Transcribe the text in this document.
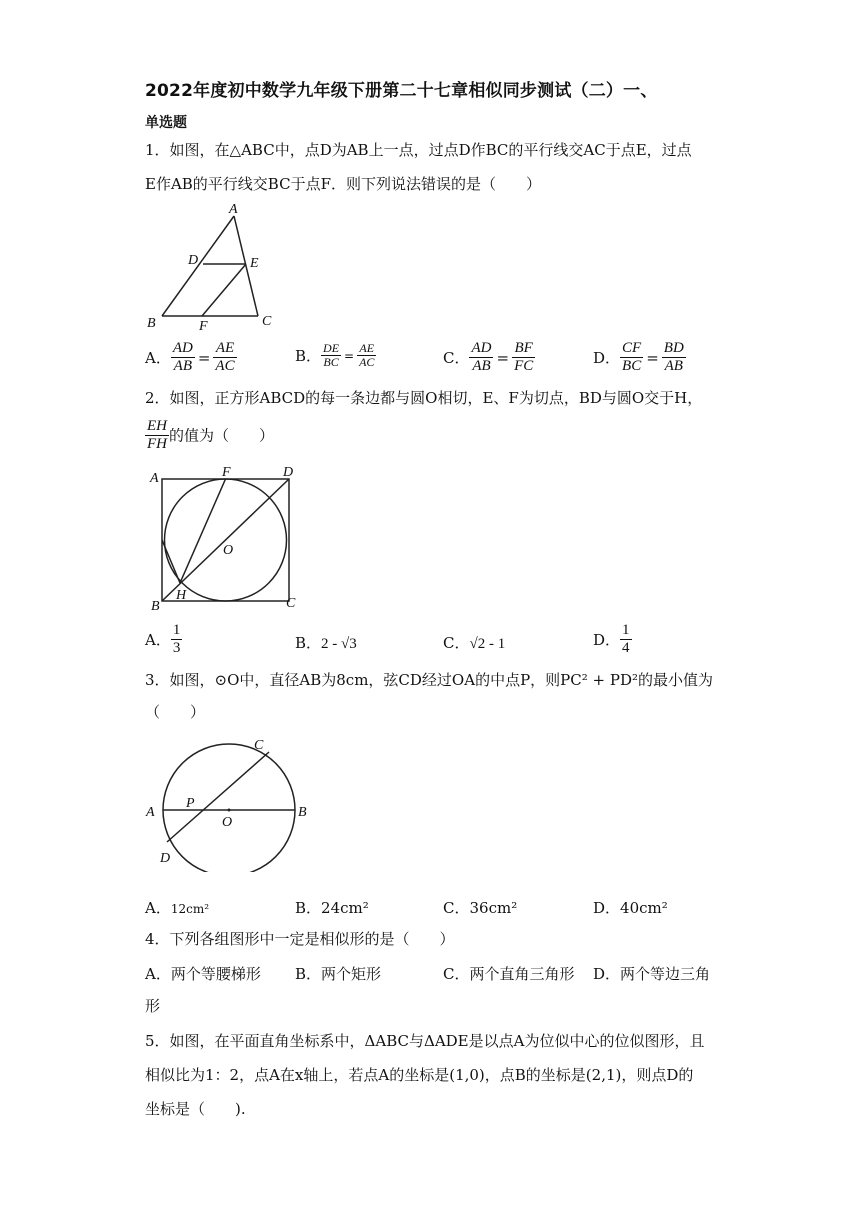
2022年度初中数学九年级下册第二十七章相似同步测试（二）一、
单选题
1．如图，在△ABC中，点D为AB上一点，过点D作BC的平行线交AC于点E，过点
E作AB的平行线交BC于点F．则下列说法错误的是（　　）
A
D	E
B	F	C
A． $\frac{AD}{AB} = \frac{AE}{AC}$	B． $\frac{DE}{BC} = \frac{AE}{AC}$	C． $\frac{AD}{AB} = \frac{BF}{FC}$	D． $\frac{CF}{BC} = \frac{BD}{AB}$
2．如图，正方形ABCD的每一条边都与圆O相切，E、F为切点，BD与圆O交于H，
$\frac{EH}{FH}$ 的值为（　　）
A	F	D
O
B
H
C
A． $\frac{1}{3}$	B．2 - √3	C．√2 - 1	D． $\frac{1}{4}$
3．如图，⊙O中，直径AB为8cm，弦CD经过OA的中点P，则PC² + PD²的最小值为
（　　）
C
A
P
O
B
D
A．12cm²	B．24cm²	C．36cm²	D．40cm²
4．下列各组图形中一定是相似形的是（　　）
A．两个等腰梯形 B．两个矩形	C．两个直角三角形 D．两个等边三角
形
5．如图，在平面直角坐标系中，ΔABC与ΔADE是以点A为位似中心的位似图形，且
相似比为1：2，点A在x轴上，若点A的坐标是(1,0)，点B的坐标是(2,1)，则点D的
坐标是（　　).
